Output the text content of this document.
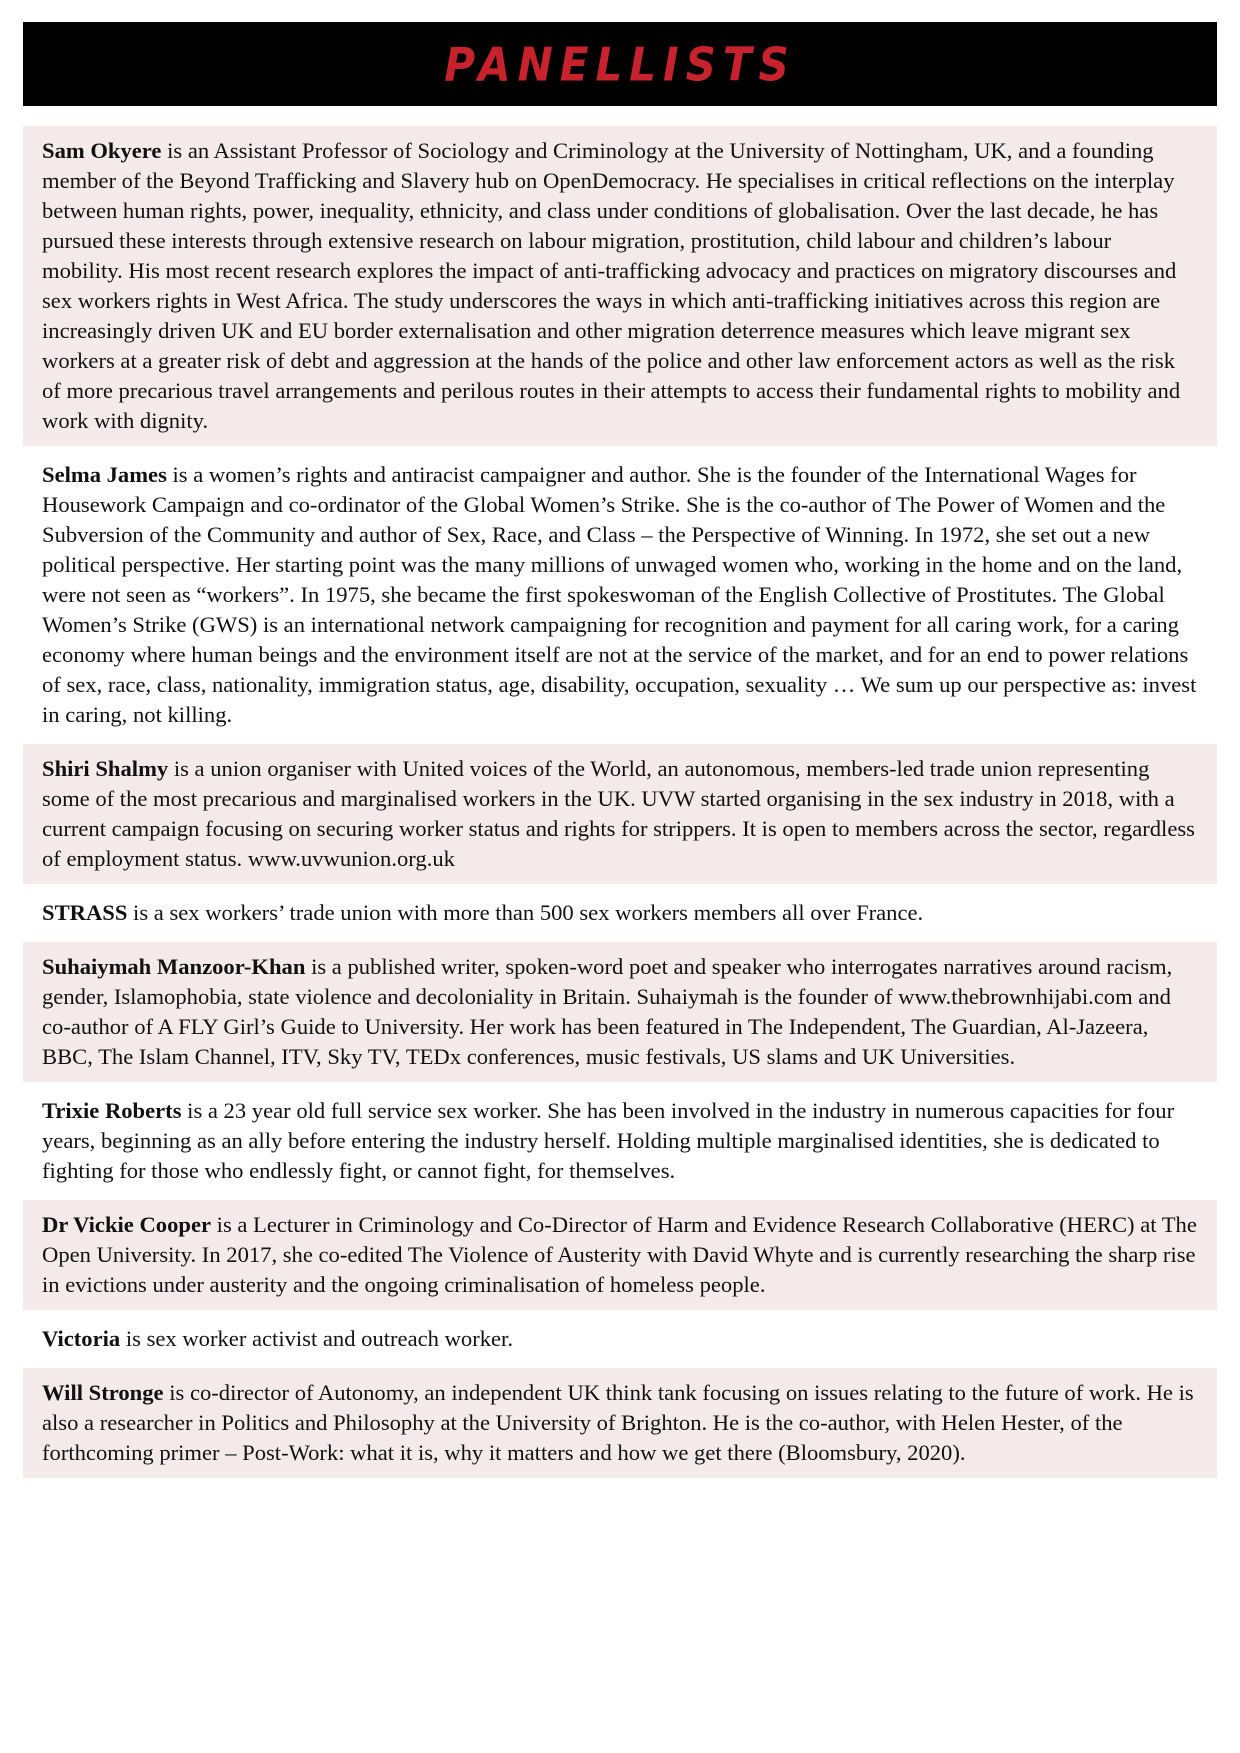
PANELLISTS
Sam Okyere is an Assistant Professor of Sociology and Criminology at the University of Nottingham, UK, and a founding member of the Beyond Trafficking and Slavery hub on OpenDemocracy. He specialises in critical reflections on the interplay between human rights, power, inequality, ethnicity, and class under conditions of globalisation. Over the last decade, he has pursued these interests through extensive research on labour migration, prostitution, child labour and children’s labour mobility. His most recent research explores the impact of anti-trafficking advocacy and practices on migratory discourses and sex workers rights in West Africa. The study underscores the ways in which anti-trafficking initiatives across this region are increasingly driven UK and EU border externalisation and other migration deterrence measures which leave migrant sex workers at a greater risk of debt and aggression at the hands of the police and other law enforcement actors as well as the risk of more precarious travel arrangements and perilous routes in their attempts to access their fundamental rights to mobility and work with dignity.
Selma James is a women’s rights and antiracist campaigner and author. She is the founder of the International Wages for Housework Campaign and co-ordinator of the Global Women’s Strike. She is the co-author of The Power of Women and the Subversion of the Community and author of Sex, Race, and Class – the Perspective of Winning. In 1972, she set out a new political perspective. Her starting point was the many millions of unwaged women who, working in the home and on the land, were not seen as “workers”. In 1975, she became the first spokeswoman of the English Collective of Prostitutes. The Global Women’s Strike (GWS) is an international network campaigning for recognition and payment for all caring work, for a caring economy where human beings and the environment itself are not at the service of the market, and for an end to power relations of sex, race, class, nationality, immigration status, age, disability, occupation, sexuality … We sum up our perspective as: invest in caring, not killing.
Shiri Shalmy is a union organiser with United voices of the World, an autonomous, members-led trade union representing some of the most precarious and marginalised workers in the UK. UVW started organising in the sex industry in 2018, with a current campaign focusing on securing worker status and rights for strippers. It is open to members across the sector, regardless of employment status. www.uvwunion.org.uk
STRASS is a sex workers’ trade union with more than 500 sex workers members all over France.
Suhaiymah Manzoor-Khan is a published writer, spoken-word poet and speaker who interrogates narratives around racism, gender, Islamophobia, state violence and decoloniality in Britain. Suhaiymah is the founder of www.thebrownhijabi.com and co-author of A FLY Girl’s Guide to University. Her work has been featured in The Independent, The Guardian, Al-Jazeera, BBC, The Islam Channel, ITV, Sky TV, TEDx conferences, music festivals, US slams and UK Universities.
Trixie Roberts is a 23 year old full service sex worker. She has been involved in the industry in numerous capacities for four years, beginning as an ally before entering the industry herself. Holding multiple marginalised identities, she is dedicated to fighting for those who endlessly fight, or cannot fight, for themselves.
Dr Vickie Cooper is a Lecturer in Criminology and Co-Director of Harm and Evidence Research Collaborative (HERC) at The Open University. In 2017, she co-edited The Violence of Austerity with David Whyte and is currently researching the sharp rise in evictions under austerity and the ongoing criminalisation of homeless people.
Victoria is sex worker activist and outreach worker.
Will Stronge is co-director of Autonomy, an independent UK think tank focusing on issues relating to the future of work. He is also a researcher in Politics and Philosophy at the University of Brighton. He is the co-author, with Helen Hester, of the forthcoming primer – Post-Work: what it is, why it matters and how we get there (Bloomsbury, 2020).
